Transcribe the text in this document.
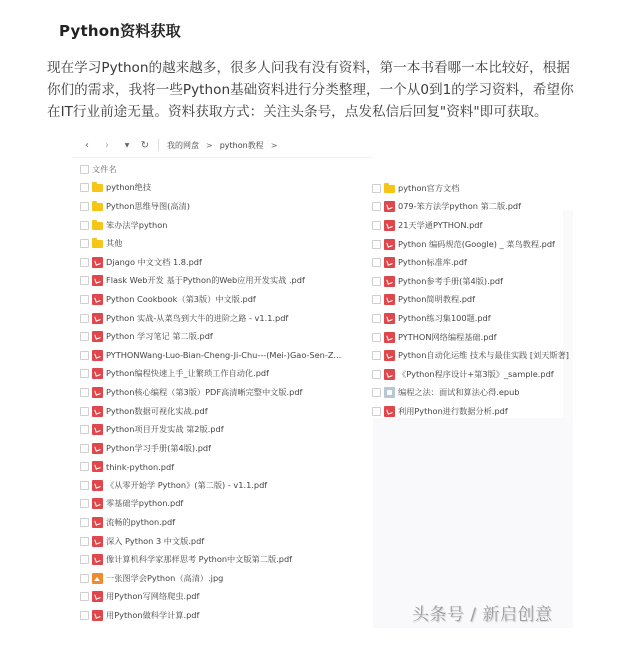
Python资料获取

现在学习Python的越来越多，很多人问我有没有资料，第一本书看哪一本比较好，根据

你们的需求，我将一些Python基础资料进行分类整理，一个从0到1的学习资料，希望你

在IT行业前途无量。资料获取方式：关注头条号，点发私信后回复"资料"即可获取。

‹	›	▼	↻	我的网盘 > python教程 >
文件名
python绝技
Python思维导图(高清)
笨办法学python
其他
Django 中文文档 1.8.pdf
Flask Web开发 基于Python的Web应用开发实战 .pdf
Python Cookbook（第3版）中文版.pdf
Python 实战-从菜鸟到大牛的进阶之路 - v1.1.pdf
Python 学习笔记 第二版.pdf
PYTHONWang-Luo-Bian-Cheng-Ji-Chu---(Mei-)Gao-Sen-Z...
Python编程快速上手_让繁琐工作自动化.pdf
Python核心编程（第3版）PDF高清晰完整中文版.pdf
Python数据可视化实战.pdf
Python项目开发实战 第2版.pdf
Python学习手册(第4版).pdf
think-python.pdf
《从零开始学 Python》(第二版) - v1.1.pdf
零基础学python.pdf
流畅的python.pdf
深入 Python 3 中文版.pdf
像计算机科学家那样思考 Python中文版第二版.pdf
一张图学会Python（高清）.jpg
用Python写网络爬虫.pdf
用Python做科学计算.pdf
python官方文档
079-笨方法学python 第二版.pdf
21天学通PYTHON.pdf
Python 编码规范(Google) _ 菜鸟教程.pdf
Python标准库.pdf
Python参考手册(第4版).pdf
Python简明教程.pdf
Python练习集100题.pdf
PYTHON网络编程基础.pdf
Python自动化运维 技术与最佳实践 [刘天斯著]
《Python程序设计+第3版》_sample.pdf
编程之法：面试和算法心得.epub
利用Python进行数据分析.pdf
头条号 / 新启创意
